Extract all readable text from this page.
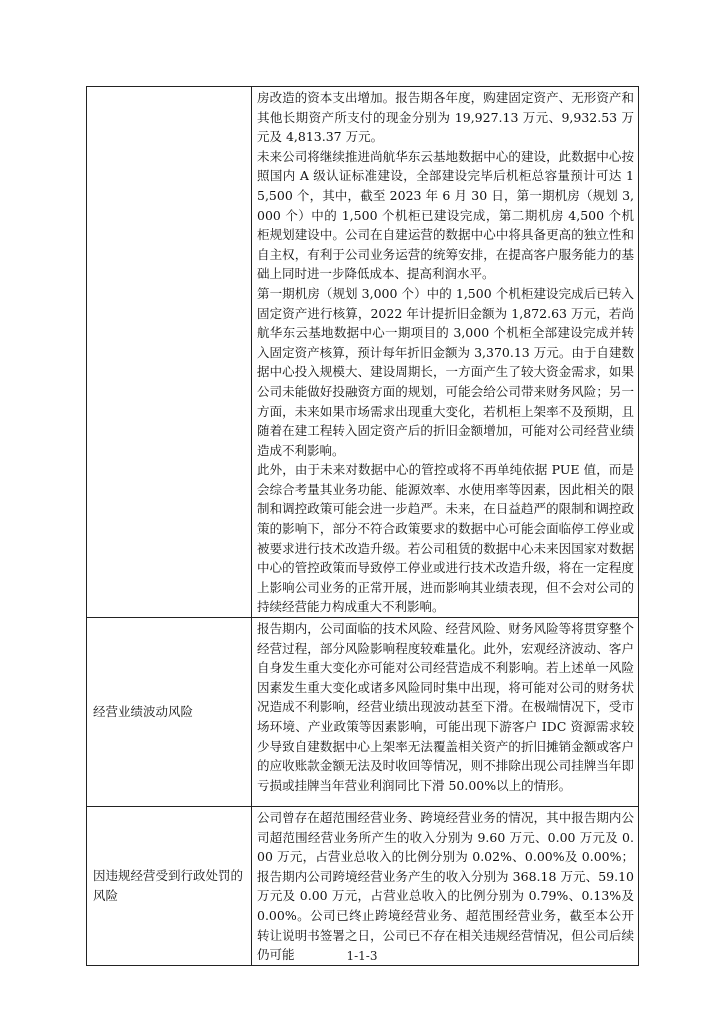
	房改造的资本支出增加。报告期各年度，购建固定资产、无形资产和其他长期资产所支付的现金分别为 19,927.13 万元、9,932.53 万元及 4,813.37 万元。

未来公司将继续推进尚航华东云基地数据中心的建设，此数据中心按照国内 A 级认证标准建设，全部建设完毕后机柜总容量预计可达 15,500 个，其中，截至 2023 年 6 月 30 日，第一期机房（规划 3,000 个）中的 1,500 个机柜已建设完成，第二期机房 4,500 个机柜规划建设中。公司在自建运营的数据中心中将具备更高的独立性和自主权，有利于公司业务运营的统筹安排，在提高客户服务能力的基础上同时进一步降低成本、提高利润水平。

第一期机房（规划 3,000 个）中的 1,500 个机柜建设完成后已转入固定资产进行核算，2022 年计提折旧金额为 1,872.63 万元，若尚航华东云基地数据中心一期项目的 3,000 个机柜全部建设完成并转入固定资产核算，预计每年折旧金额为 3,370.13 万元。由于自建数据中心投入规模大、建设周期长，一方面产生了较大资金需求，如果公司未能做好投融资方面的规划，可能会给公司带来财务风险；另一方面，未来如果市场需求出现重大变化，若机柜上架率不及预期，且随着在建工程转入固定资产后的折旧金额增加，可能对公司经营业绩造成不利影响。

此外，由于未来对数据中心的管控或将不再单纯依据 PUE 值，而是会综合考量其业务功能、能源效率、水使用率等因素，因此相关的限制和调控政策可能会进一步趋严。未来，在日益趋严的限制和调控政策的影响下，部分不符合政策要求的数据中心可能会面临停工停业或被要求进行技术改造升级。若公司租赁的数据中心未来因国家对数据中心的管控政策而导致停工停业或进行技术改造升级，将在一定程度上影响公司业务的正常开展，进而影响其业绩表现，但不会对公司的持续经营能力构成重大不利影响。

经营业绩波动风险	报告期内，公司面临的技术风险、经营风险、财务风险等将贯穿整个经营过程，部分风险影响程度较难量化。此外，宏观经济波动、客户自身发生重大变化亦可能对公司经营造成不利影响。若上述单一风险因素发生重大变化或诸多风险同时集中出现，将可能对公司的财务状况造成不利影响，经营业绩出现波动甚至下滑。在极端情况下，受市场环境、产业政策等因素影响，可能出现下游客户 IDC 资源需求较少导致自建数据中心上架率无法覆盖相关资产的折旧摊销金额或客户的应收账款金额无法及时收回等情况，则不排除出现公司挂牌当年即亏损或挂牌当年营业利润同比下滑 50.00%以上的情形。

因违规经营受到行政处罚的风险	公司曾存在超范围经营业务、跨境经营业务的情况，其中报告期内公司超范围经营业务所产生的收入分别为 9.60 万元、0.00 万元及 0.00 万元，占营业总收入的比例分别为 0.02%、0.00%及 0.00%；报告期内公司跨境经营业务产生的收入分别为 368.18 万元、59.10 万元及 0.00 万元，占营业总收入的比例分别为 0.79%、0.13%及 0.00%。公司已终止跨境经营业务、超范围经营业务，截至本公开转让说明书签署之日，公司已不存在相关违规经营情况，但公司后续仍可能	1-1-3
